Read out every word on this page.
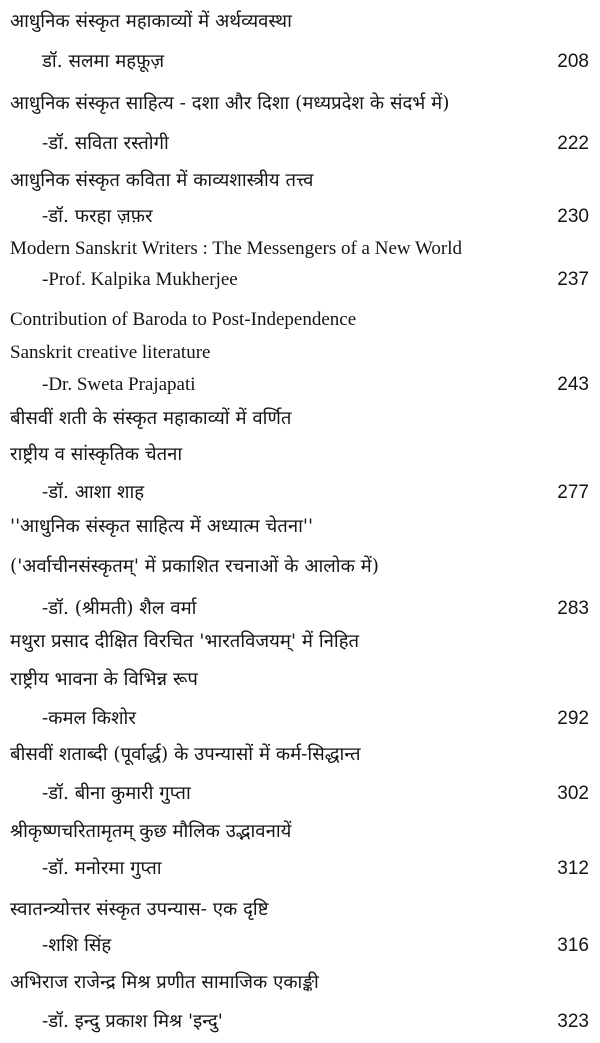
आधुनिक संस्कृत महाकाव्यों में अर्थव्यवस्था
डॉ. सलमा महफ़ूज़	208
आधुनिक संस्कृत साहित्य - दशा और दिशा (मध्यप्रदेश के संदर्भ में)
-डॉ. सविता रस्तोगी	222
आधुनिक संस्कृत कविता में काव्यशास्त्रीय तत्त्व
-डॉ. फरहा ज़फ़र	230
Modern Sanskrit Writers : The Messengers of a New World
-Prof. Kalpika Mukherjee	237
Contribution of Baroda to Post-Independence
Sanskrit creative literature
-Dr. Sweta Prajapati	243
बीसवीं शती के संस्कृत महाकाव्यों में वर्णित
राष्ट्रीय व सांस्कृतिक चेतना
-डॉ. आशा शाह	277
''आधुनिक संस्कृत साहित्य में अध्यात्म चेतना''
('अर्वाचीनसंस्कृतम्' में प्रकाशित रचनाओं के आलोक में)
-डॉ. (श्रीमती) शैल वर्मा	283
मथुरा प्रसाद दीक्षित विरचित 'भारतविजयम्' में निहित
राष्ट्रीय भावना के विभिन्न रूप
-कमल किशोर	292
बीसवीं शताब्दी (पूर्वार्द्ध) के उपन्यासों में कर्म-सिद्धान्त
-डॉ. बीना कुमारी गुप्ता	302
श्रीकृष्णचरितामृतम् कुछ मौलिक उद्भावनायें
-डॉ. मनोरमा गुप्ता	312
स्वातन्त्र्योत्तर संस्कृत उपन्यास- एक दृष्टि
-शशि सिंह	316
अभिराज राजेन्द्र मिश्र प्रणीत सामाजिक एकाङ्की
-डॉ. इन्दु प्रकाश मिश्र 'इन्दु'	323
